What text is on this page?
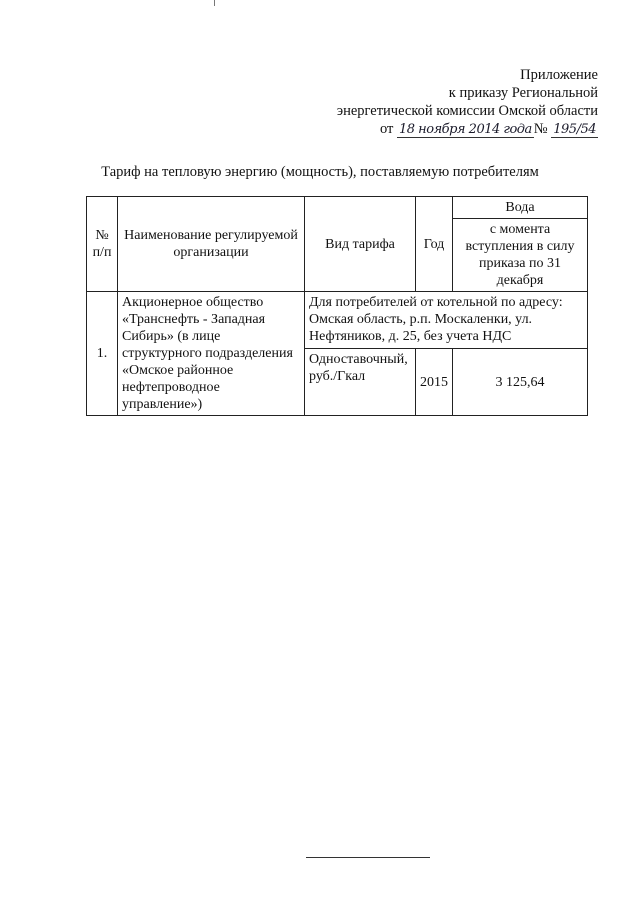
Приложение
к приказу Региональной
энергетической комиссии Омской области
от 18 ноября 2014 года № 195/54
Тариф на тепловую энергию (мощность), поставляемую потребителям
№ п/п	Наименование регулируемой организации	Вид тарифа	Год	Вода
				с момента вступления в силу приказа по 31 декабря
1.	Акционерное общество «Транснефть - Западная Сибирь» (в лице структурного подразделения «Омское районное нефтепроводное управление»)	Для потребителей от котельной по адресу: Омская область, р.п. Москаленки, ул. Нефтяников, д. 25, без учета НДС		
		Одноставочный, руб./Гкал	2015	3 125,64
